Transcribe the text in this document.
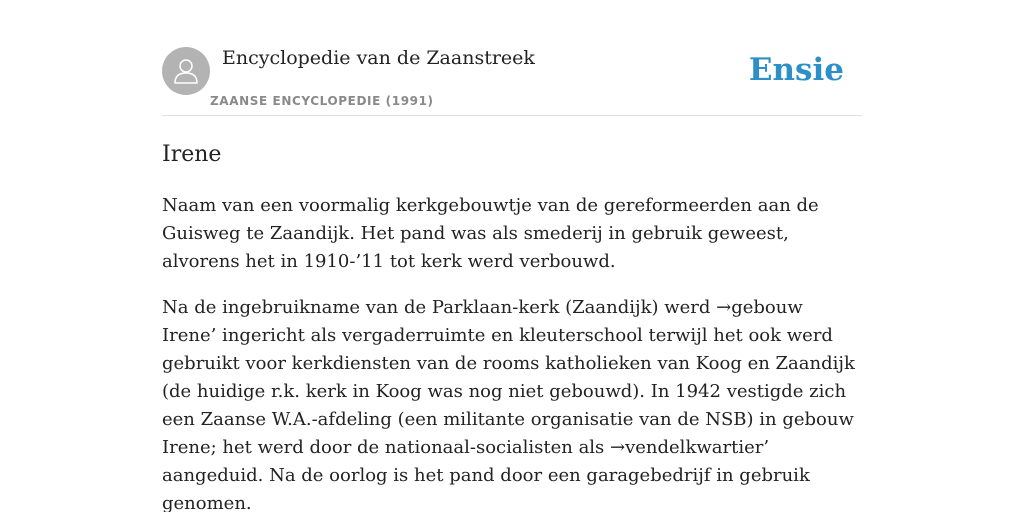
Encyclopedie van de Zaanstreek
ZAANSE ENCYCLOPEDIE (1991)
Ensie
Irene

Naam van een voormalig kerkgebouwtje van de gereformeerden aan de Guisweg te Zaandijk. Het pand was als smederij in gebruik geweest, alvorens het in 1910-’11 tot kerk werd verbouwd.

Na de ingebruikname van de Parklaan-kerk (Zaandijk) werd →gebouw Irene’ ingericht als vergaderruimte en kleuterschool terwijl het ook werd gebruikt voor kerkdiensten van de rooms katholieken van Koog en Zaandijk (de huidige r.k. kerk in Koog was nog niet gebouwd). In 1942 vestigde zich een Zaanse W.A.-afdeling (een militante organisatie van de NSB) in gebouw Irene; het werd door de nationaal-socialisten als →vendelkwartier’ aangeduid. Na de oorlog is het pand door een garagebedrijf in gebruik genomen.
